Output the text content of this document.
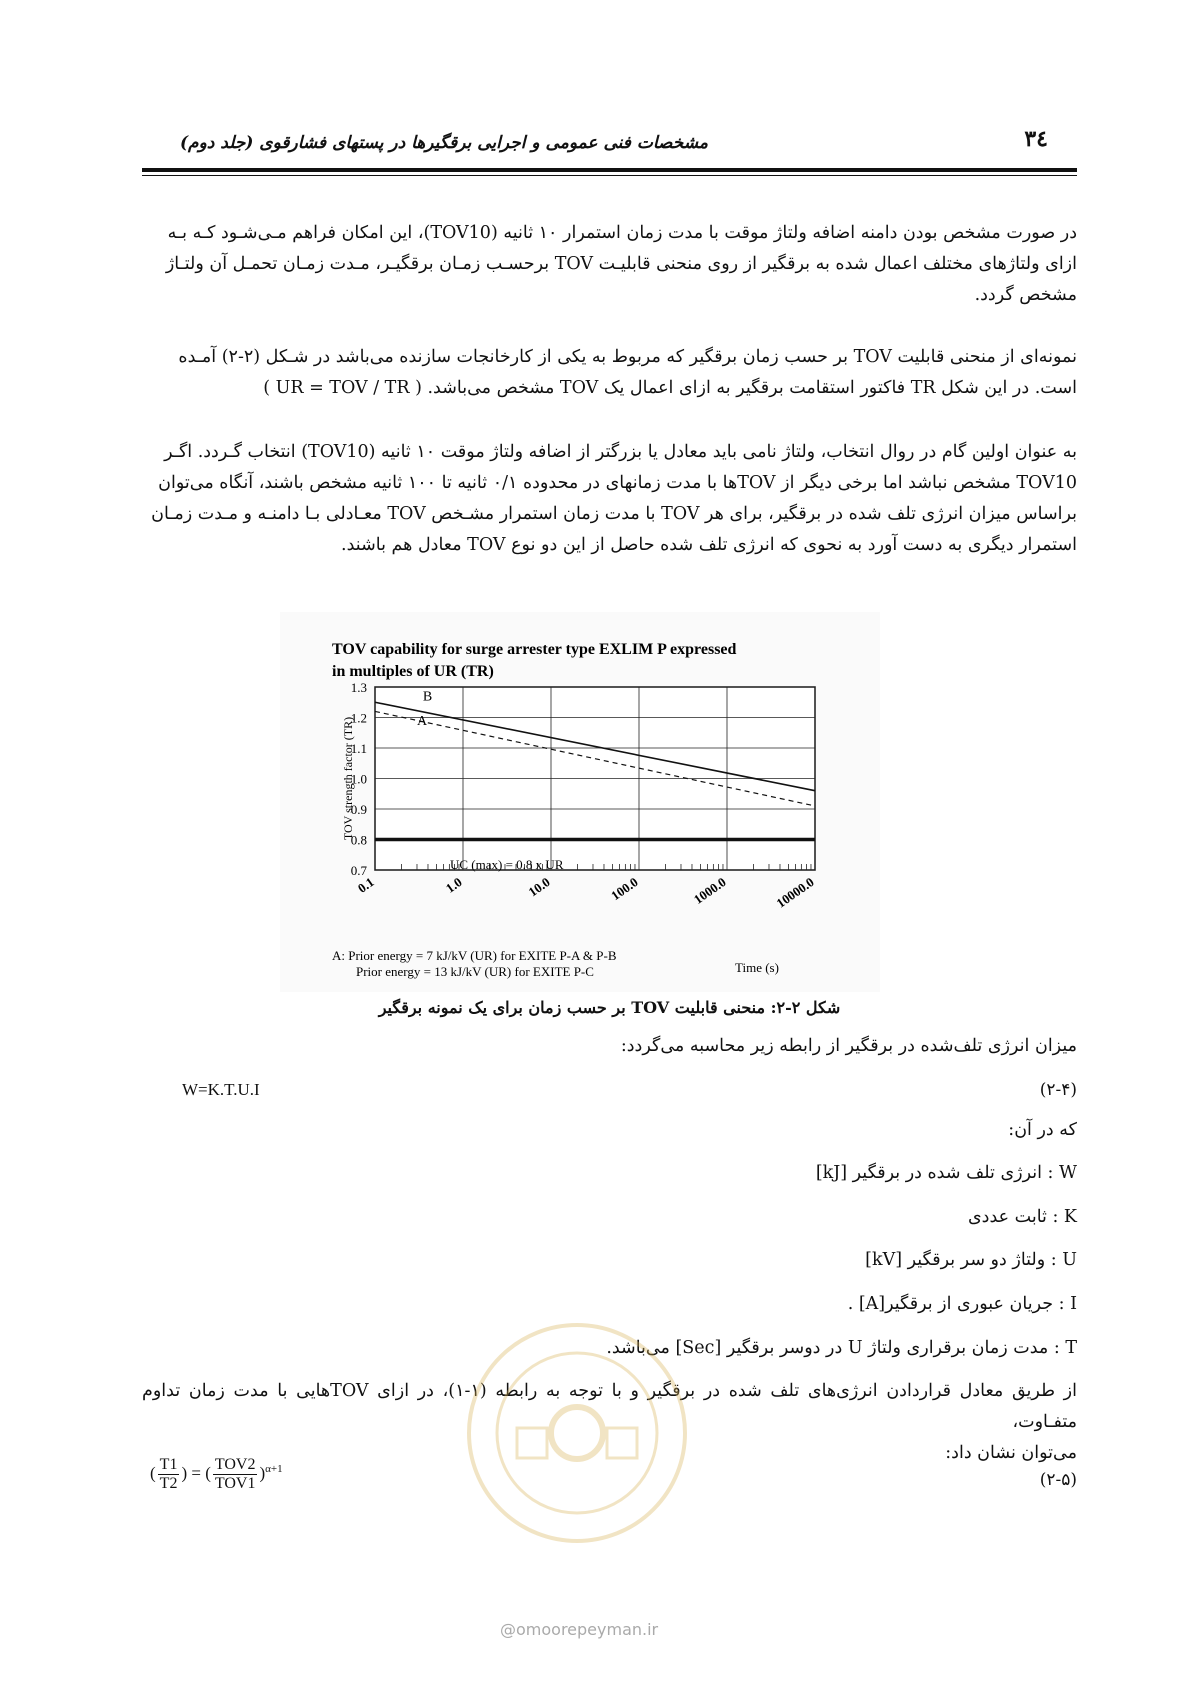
۳٤
مشخصات فنی عمومی و اجرایی برقگیرها در پستهای فشارقوی (جلد دوم)

در صورت مشخص بودن دامنه اضافه ولتاژ موقت با مدت زمان استمرار ۱۰ ثانیه (TOV10)، این امکان فراهم مـی‌شـود کـه بـه
ازای ولتاژهای مختلف اعمال شده به برقگیر از روی منحنی قابلیـت TOV برحسـب زمـان برقگیـر، مـدت زمـان تحمـل آن ولتـاژ
مشخص گردد.

نمونه‌ای از منحنی قابلیت TOV بر حسب زمان برقگیر که مربوط به یکی از کارخانجات سازنده می‌باشد در شـکل (۲-۲) آمـده
است. در این شکل TR فاکتور استقامت برقگیر به ازای اعمال یک TOV مشخص می‌باشد. ( UR = TOV / TR )

به عنوان اولین گام در روال انتخاب، ولتاژ نامی باید معادل یا بزرگتر از اضافه ولتاژ موقت ۱۰ ثانیه (TOV10) انتخاب گـردد. اگـر
TOV10 مشخص نباشد اما برخی دیگر از TOVها با مدت زمانهای در محدوده ۰/۱ ثانیه تا ۱۰۰ ثانیه مشخص باشند، آنگاه می‌توان
براساس میزان انرژی تلف شده در برقگیر، برای هر TOV با مدت زمان استمرار مشـخص TOV معـادلی بـا دامنـه و مـدت زمـان
استمرار دیگری به دست آورد به نحوی که انرژی تلف شده حاصل از این دو نوع TOV معادل هم باشند.

TOV capability for surge arrester type EXLIM P expressed
in multiples of UR (TR)
1.3
1.2
1.1
1.0
0.9
0.8
0.7
0.1	1.0	10.0	100.0	1000.0	10000.0
TOV strength factor (TR)
UC (max) = 0.8 x UR
B
A
A: Prior energy = 7 kJ/kV (UR) for EXITE P-A & P-B
Prior energy = 13 kJ/kV (UR) for EXITE P-C	Time (s)
شکل ۲-۲: منحنی قابلیت TOV بر حسب زمان برای یک نمونه برقگیر
میزان انرژی تلف‌شده در برقگیر از رابطه زیر محاسبه می‌گردد:
(۲-۴)
W=K.T.U.I
که در آن:
W : انرژی تلف شده در برقگیر [kJ]
K : ثابت عددی
U : ولتاژ دو سر برقگیر [kV]
I : جریان عبوری از برقگیر[A] .
T : مدت زمان برقراری ولتاژ U در دوسر برقگیر [Sec] می‌باشد.

از طریق معادل قراردادن انرژی‌های تلف شده در برقگیر و با توجه به رابطه (۱-۱)، در ازای TOVهایی با مدت زمان تداوم متفـاوت،
می‌توان نشان داد:

(۲-۵)
( $\frac{T1}{T2}$ ) = ( $\frac{\text{TOV2}}{\text{TOV1}} )^{\alpha+1}$
@omoorepeyman.ir
